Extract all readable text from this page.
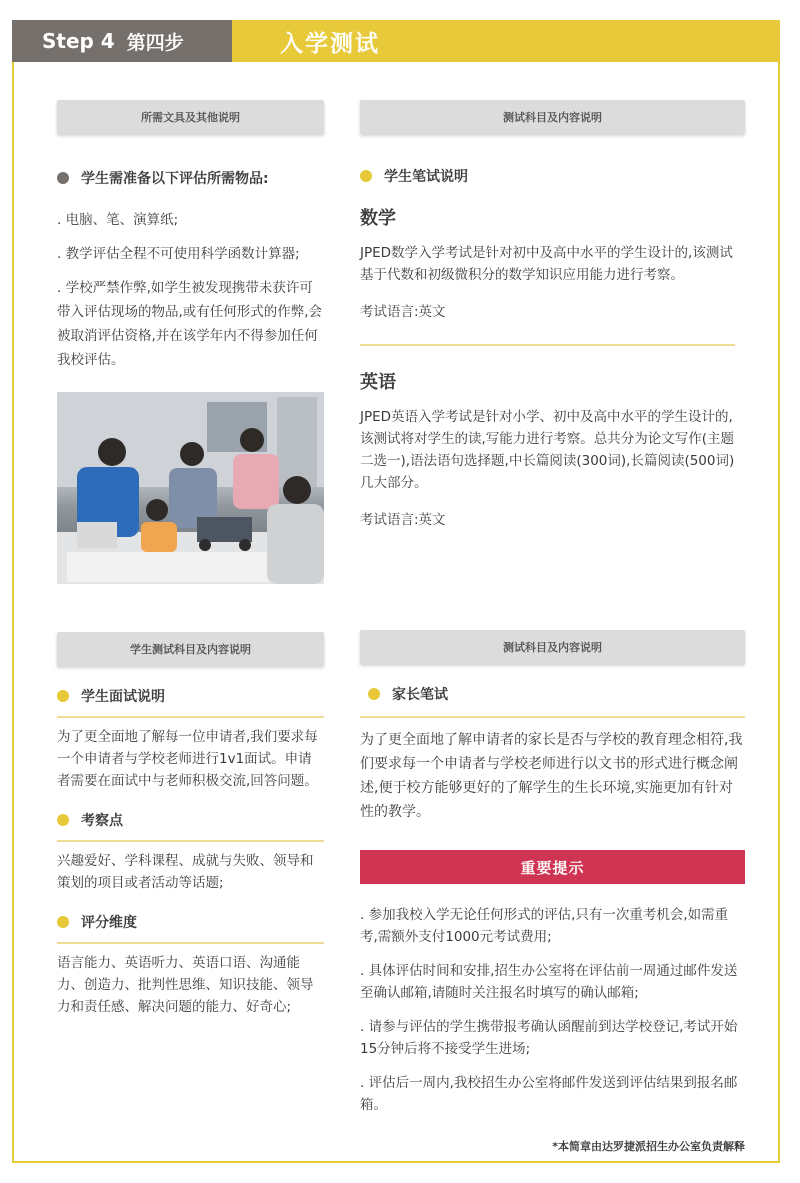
Step 4 第四步	入学测试
所需文具及其他说明
学生需准备以下评估所需物品:
. 电脑、笔、演算纸;
. 教学评估全程不可使用科学函数计算器;
. 学校严禁作弊,如学生被发现携带未获许可带入评估现场的物品,或有任何形式的作弊,会被取消评估资格,并在该学年内不得参加任何我校评估。
测试科目及内容说明
学生笔试说明
数学
JPED数学入学考试是针对初中及高中水平的学生设计的,该测试基于代数和初级微积分的数学知识应用能力进行考察。
考试语言:英文
英语
JPED英语入学考试是针对小学、初中及高中水平的学生设计的,该测试将对学生的读,写能力进行考察。总共分为论文写作(主题二选一),语法语句选择题,中长篇阅读(300词),长篇阅读(500词)几大部分。
考试语言:英文
学生测试科目及内容说明
学生面试说明
为了更全面地了解每一位申请者,我们要求每一个申请者与学校老师进行1v1面试。申请者需要在面试中与老师积极交流,回答问题。
考察点
兴趣爱好、学科课程、成就与失败、领导和策划的项目或者活动等话题;
评分维度
语言能力、英语听力、英语口语、沟通能力、创造力、批判性思维、知识技能、领导力和责任感、解决问题的能力、好奇心;
测试科目及内容说明
家长笔试
为了更全面地了解申请者的家长是否与学校的教育理念相符,我们要求每一个申请者与学校老师进行以文书的形式进行概念阐述,便于校方能够更好的了解学生的生长环境,实施更加有针对性的教学。
重要提示
. 参加我校入学无论任何形式的评估,只有一次重考机会,如需重考,需额外支付1000元考试费用;
. 具体评估时间和安排,招生办公室将在评估前一周通过邮件发送至确认邮箱,请随时关注报名时填写的确认邮箱;
. 请参与评估的学生携带报考确认函醒前到达学校登记,考试开始15分钟后将不接受学生进场;
. 评估后一周内,我校招生办公室将邮件发送到评估结果到报名邮箱。
*本简章由达罗捷派招生办公室负责解释
